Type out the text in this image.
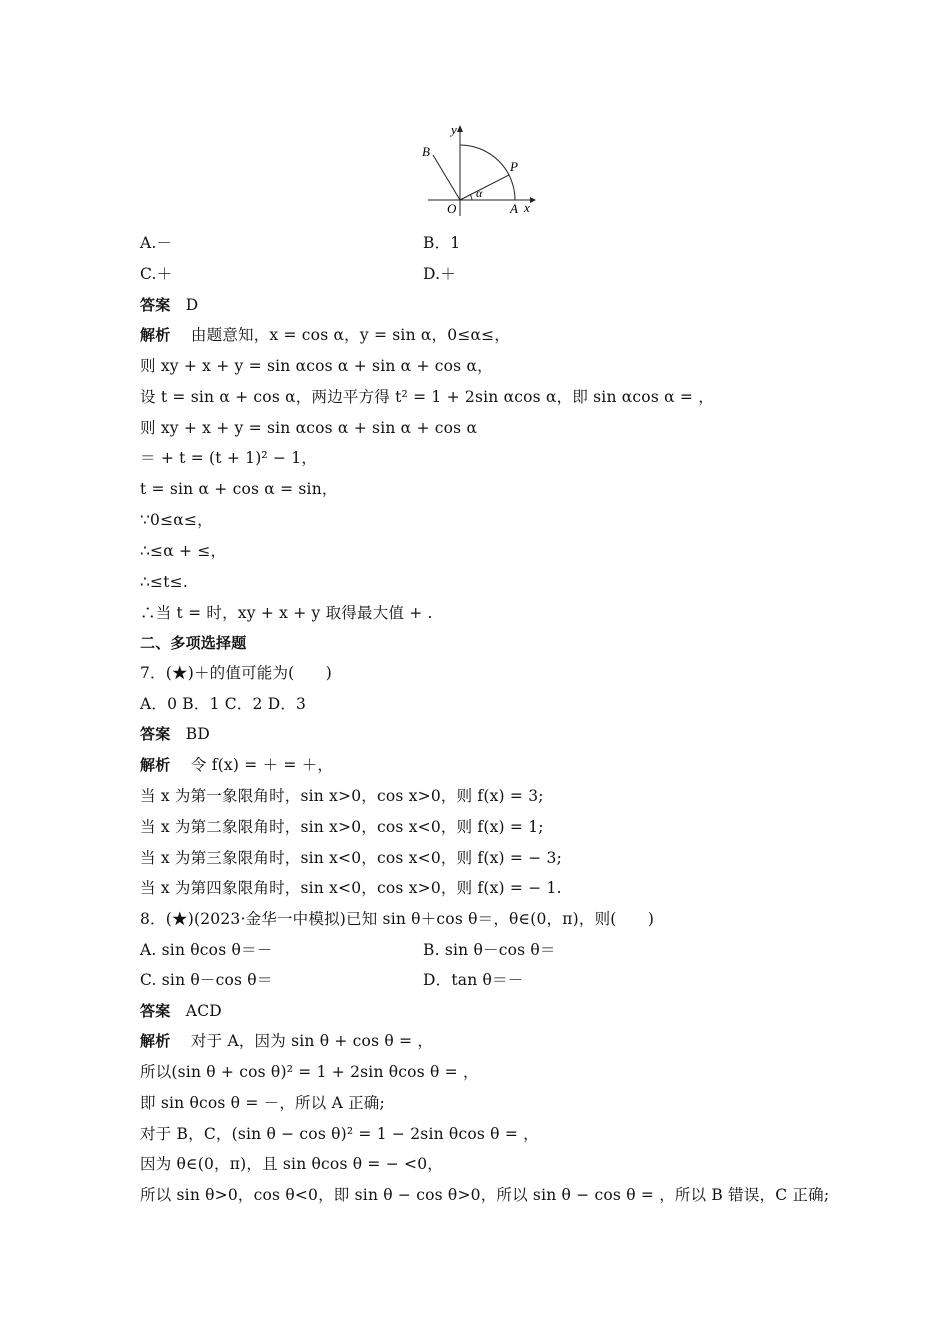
y
x
B
P
O	A
α
A.－	B．1
C.＋	D.＋
答案 D
解析 由题意知，x = cos α，y = sin α，0≤α≤，
则 xy + x + y = sin αcos α + sin α + cos α，
设 t = sin α + cos α，两边平方得 t² = 1 + 2sin αcos α，即 sin αcos α = ，
则 xy + x + y = sin αcos α + sin α + cos α
＝ + t = (t + 1)² − 1，
t = sin α + cos α = sin，
∵0≤α≤，
∴≤α + ≤，
∴≤t≤.
∴当 t = 时，xy + x + y 取得最大值 + .
二、多项选择题
7．(★)＋的值可能为(　　)
A．0 B．1 C．2 D．3
答案 BD
解析 令 f(x) = ＋ = ＋，
当 x 为第一象限角时，sin x>0，cos x>0，则 f(x) = 3;
当 x 为第二象限角时，sin x>0，cos x<0，则 f(x) = 1;
当 x 为第三象限角时，sin x<0，cos x<0，则 f(x) = − 3;
当 x 为第四象限角时，sin x<0，cos x>0，则 f(x) = − 1.
8．(★)(2023·金华一中模拟)已知 sin θ＋cos θ＝，θ∈(0，π)，则(　　)
A. sin θcos θ＝－	B. sin θ－cos θ＝
C. sin θ－cos θ＝	D．tan θ＝－
答案 ACD
解析 对于 A，因为 sin θ + cos θ = ，
所以(sin θ + cos θ)² = 1 + 2sin θcos θ = ，
即 sin θcos θ = －，所以 A 正确;
对于 B，C，(sin θ − cos θ)² = 1 − 2sin θcos θ = ，
因为 θ∈(0，π)，且 sin θcos θ = − <0，
所以 sin θ>0，cos θ<0，即 sin θ − cos θ>0，所以 sin θ − cos θ = ，所以 B 错误，C 正确;
